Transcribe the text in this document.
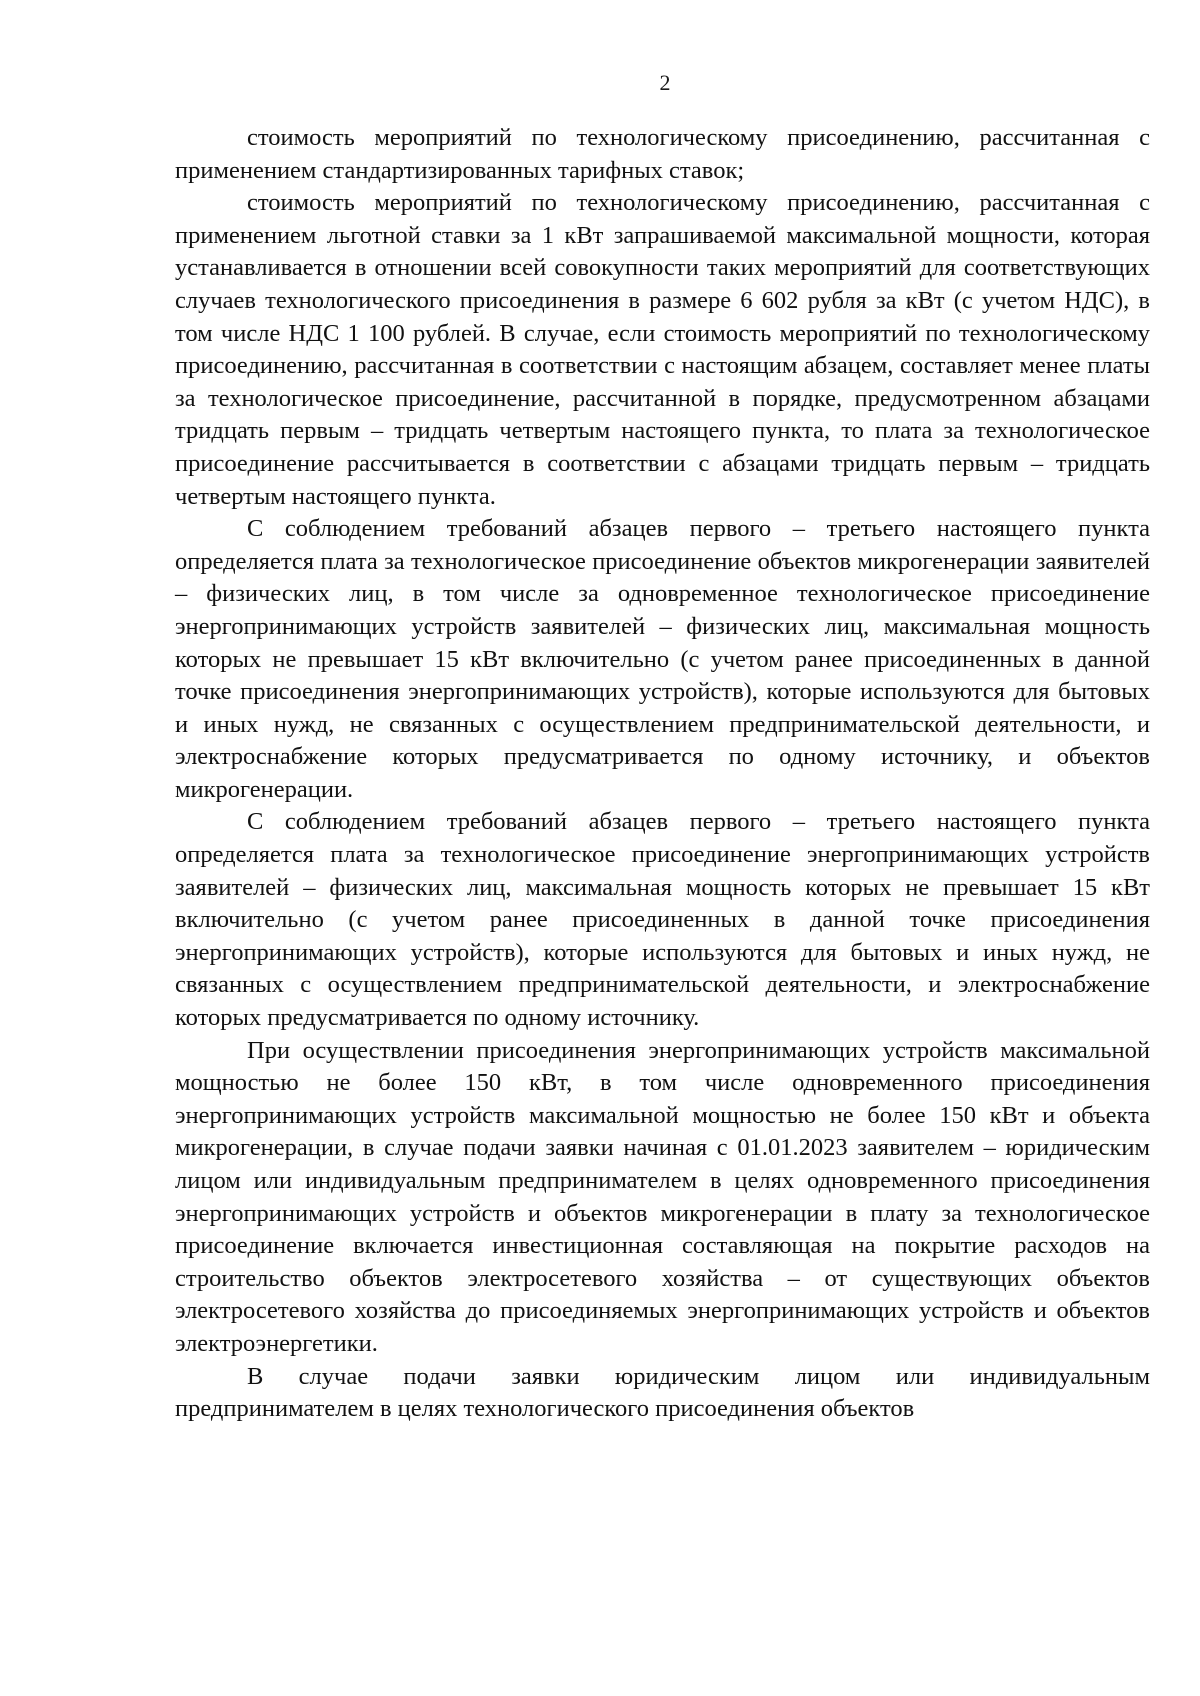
2

стоимость мероприятий по технологическому присоединению, рассчитанная с применением стандартизированных тарифных ставок;

стоимость мероприятий по технологическому присоединению, рассчитанная с применением льготной ставки за 1 кВт запрашиваемой максимальной мощности, которая устанавливается в отношении всей совокупности таких мероприятий для соответствующих случаев технологического присоединения в размере 6 602 рубля за кВт (с учетом НДС), в том числе НДС 1 100 рублей. В случае, если стоимость мероприятий по технологическому присоединению, рассчитанная в соответствии с настоящим абзацем, составляет менее платы за технологическое присоединение, рассчитанной в порядке, предусмотренном абзацами тридцать первым – тридцать четвертым настоящего пункта, то плата за технологическое присоединение рассчитывается в соответствии с абзацами тридцать первым – тридцать четвертым настоящего пункта.

С соблюдением требований абзацев первого – третьего настоящего пункта определяется плата за технологическое присоединение объектов микрогенерации заявителей – физических лиц, в том числе за одновременное технологическое присоединение энергопринимающих устройств заявителей – физических лиц, максимальная мощность которых не превышает 15 кВт включительно (с учетом ранее присоединенных в данной точке присоединения энергопринимающих устройств), которые используются для бытовых и иных нужд, не связанных с осуществлением предпринимательской деятельности, и электроснабжение которых предусматривается по одному источнику, и объектов микрогенерации.

С соблюдением требований абзацев первого – третьего настоящего пункта определяется плата за технологическое присоединение энергопринимающих устройств заявителей – физических лиц, максимальная мощность которых не превышает 15 кВт включительно (с учетом ранее присоединенных в данной точке присоединения энергопринимающих устройств), которые используются для бытовых и иных нужд, не связанных с осуществлением предпринимательской деятельности, и электроснабжение которых предусматривается по одному источнику.

При осуществлении присоединения энергопринимающих устройств максимальной мощностью не более 150 кВт, в том числе одновременного присоединения энергопринимающих устройств максимальной мощностью не более 150 кВт и объекта микрогенерации, в случае подачи заявки начиная с 01.01.2023 заявителем – юридическим лицом или индивидуальным предпринимателем в целях одновременного присоединения энергопринимающих устройств и объектов микрогенерации в плату за технологическое присоединение включается инвестиционная составляющая на покрытие расходов на строительство объектов электросетевого хозяйства – от существующих объектов электросетевого хозяйства до присоединяемых энергопринимающих устройств и объектов электроэнергетики.

В случае подачи заявки юридическим лицом или индивидуальным предпринимателем в целях технологического присоединения объектов
